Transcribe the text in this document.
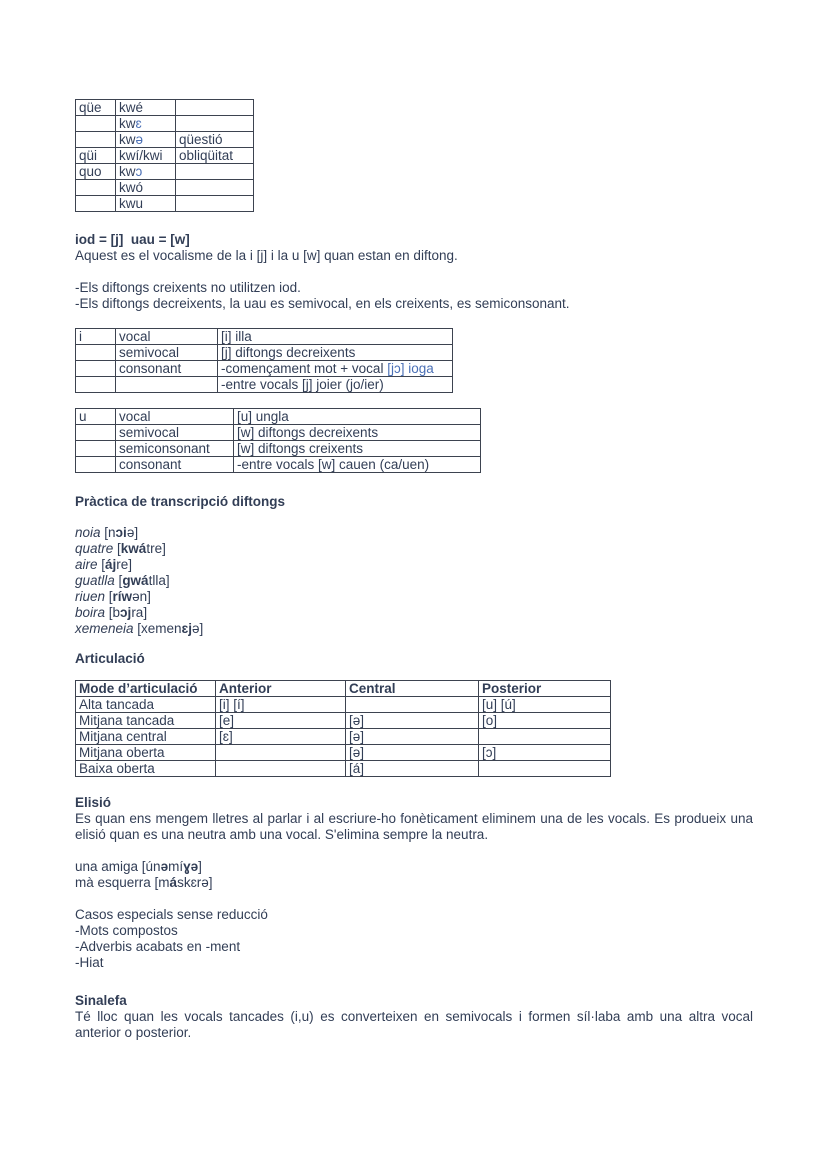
qüe	kwé	
	kwɛ	
	kwə	qüestió
qüi	kwí/kwi	obliqüitat
quo	kwɔ	
	kwó	
	kwu	
iod = [j]  uau = [w]
Aquest es el vocalisme de la i [j] i la u [w] quan estan en diftong.
-Els diftongs creixents no utilitzen iod.
-Els diftongs decreixents, la uau es semivocal, en els creixents, es semiconsonant.
i	vocal	[i] illa
	semivocal	[j] diftongs decreixents
	consonant	-començament mot + vocal [jɔ] ioga
		-entre vocals [j] joier (jo/ier)
u	vocal	[u] ungla
	semivocal	[w] diftongs decreixents
	semiconsonant	[w] diftongs creixents
	consonant	-entre vocals [w] cauen (ca/uen)
Pràctica de transcripció diftongs
noia [nɔiə]
quatre [kwátre]
aire [ájre]
guatlla [gwátlla]
riuen [ríwən]
boira [bɔjra]
xemeneia [xemenɛjə]
Articulació
Mode d’articulació	Anterior	Central	Posterior
Alta tancada	[i] [í]		[u] [ú]
Mitjana tancada	[e]	[ə]	[o]
Mitjana central	[ɛ]	[ə]	
Mitjana oberta		[ə]	[ɔ]
Baixa oberta		[á]	
Elisió
Es quan ens mengem lletres al parlar i al escriure-ho fonèticament eliminem una de les vocals. Es produeix una elisió quan es una neutra amb una vocal. S'elimina sempre la neutra.
una amiga [únəmíɣə]
mà esquerra [máskɛrə]
Casos especials sense reducció
-Mots compostos
-Adverbis acabats en -ment
-Hiat
Sinalefa
Té lloc quan les vocals tancades (i,u) es converteixen en semivocals i formen síl·laba amb una altra vocal anterior o posterior.
